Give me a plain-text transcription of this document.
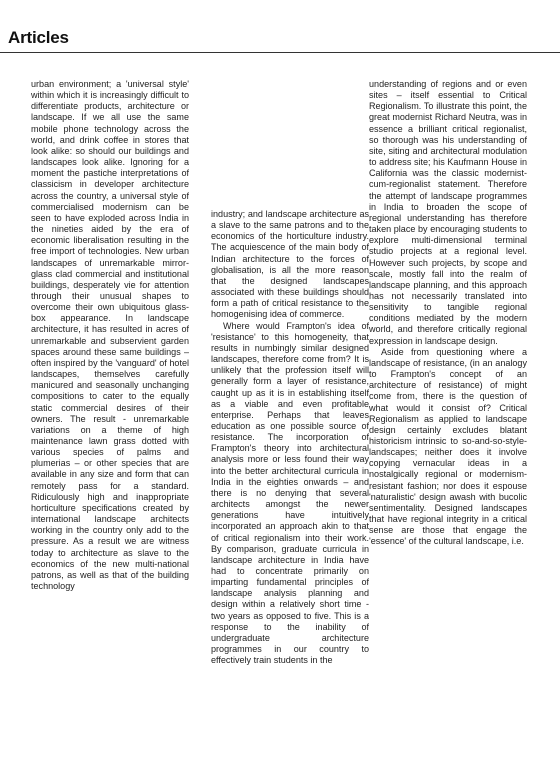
Articles

urban environment; a 'universal style' within which it is increasingly difficult to differentiate products, architecture or landscape. If we all use the same mobile phone technology across the world, and drink coffee in stores that look alike: so should our buildings and landscapes look alike. Ignoring for a moment the pastiche interpretations of classicism in developer architecture across the country, a universal style of commercialised modernism can be seen to have exploded across India in the nineties aided by the era of economic liberalisation resulting in the free import of technologies. New urban landscapes of unremarkable mirror-glass clad commercial and institutional buildings, desperately vie for attention through their unusual shapes to overcome their own ubiquitous glass-box appearance. In landscape architecture, it has resulted in acres of unremarkable and subservient garden spaces around these same buildings – often inspired by the 'vanguard' of hotel landscapes, themselves carefully manicured and seasonally unchanging compositions to cater to the equally static commercial desires of their owners. The result - unremarkable variations on a theme of high maintenance lawn grass dotted with various species of palms and plumerias – or other species that are available in any size and form that can remotely pass for a standard. Ridiculously high and inappropriate horticulture specifications created by international landscape architects working in the country only add to the pressure. As a result we are witness today to architecture as slave to the economics of the new multi-national patrons, as well as that of the building technology

industry; and landscape architecture as a slave to the same patrons and to the economics of the horticulture industry. The acquiescence of the main body of Indian architecture to the forces of globalisation, is all the more reason that the designed landscapes associated with these buildings should form a path of critical resistance to the homogenising idea of commerce.

Where would Frampton's idea of 'resistance' to this homogeneity, that results in numbingly similar designed landscapes, therefore come from? It is unlikely that the profession itself will generally form a layer of resistance, caught up as it is in establishing itself as a viable and even profitable enterprise. Perhaps that leaves education as one possible source of resistance. The incorporation of Frampton's theory into architectural analysis more or less found their way into the better architectural curricula in India in the eighties onwards – and there is no denying that several architects amongst the newer generations have intuitively incorporated an approach akin to that of critical regionalism into their work. By comparison, graduate curricula in landscape architecture in India have had to concentrate primarily on imparting fundamental principles of landscape analysis planning and design within a relatively short time - two years as opposed to five. This is a response to the inability of undergraduate architecture programmes in our country to effectively train students in the

understanding of regions and or even sites – itself essential to Critical Regionalism. To illustrate this point, the great modernist Richard Neutra, was in essence a brilliant critical regionalist, so thorough was his understanding of site, siting and architectural modulation to address site; his Kaufmann House in California was the classic modernist-cum-regionalist statement. Therefore the attempt of landscape programmes in India to broaden the scope of regional understanding has therefore taken place by encouraging students to explore multi-dimensional terminal studio projects at a regional level. However such projects, by scope and scale, mostly fall into the realm of landscape planning, and this approach has not necessarily translated into sensitivity to tangible regional conditions mediated by the modern world, and therefore critically regional expression in landscape design.

Aside from questioning where a landscape of resistance, (in an analogy to Frampton's concept of an architecture of resistance) of might come from, there is the question of what would it consist of? Critical Regionalism as applied to landscape design certainly excludes blatant historicism intrinsic to so-and-so-style-landscapes; neither does it involve copying vernacular ideas in a nostalgically regional or modernism-resistant fashion; nor does it espouse 'naturalistic' design awash with bucolic sentimentality. Designed landscapes that have regional integrity in a critical sense are those that engage the 'essence' of the cultural landscape, i.e.
